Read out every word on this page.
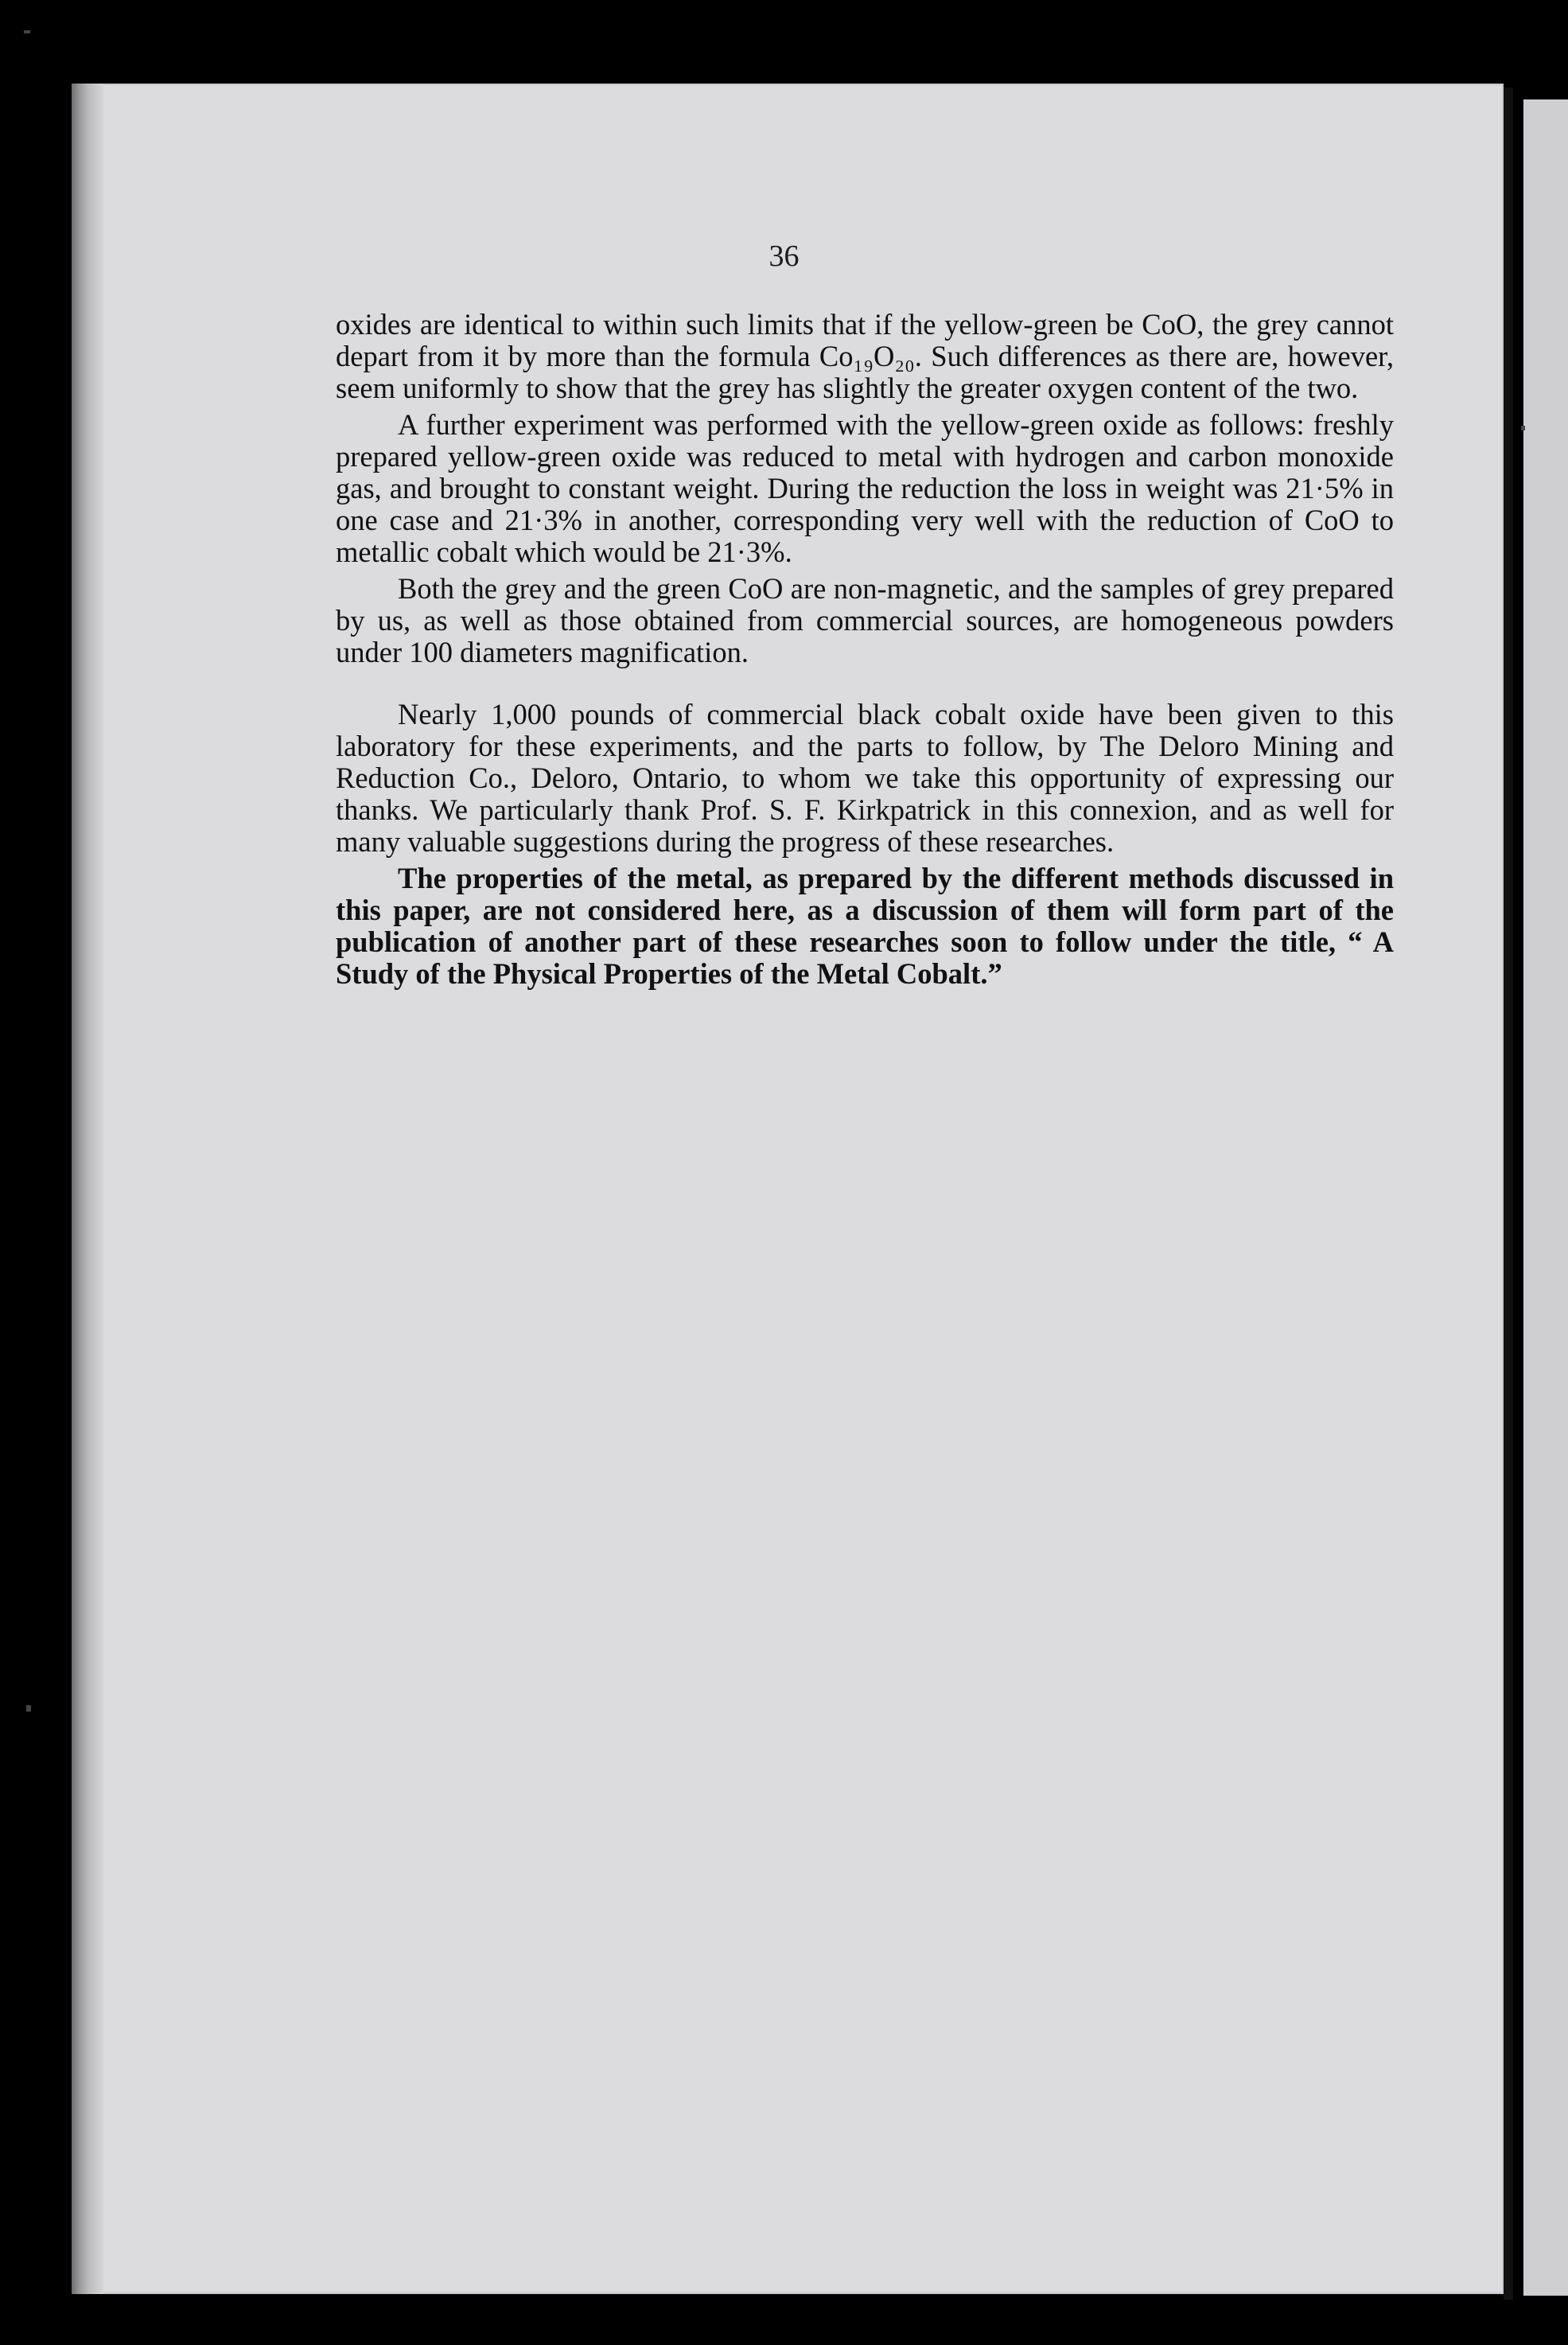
36

oxides are identical to within such limits that if the yellow-green be CoO, the grey cannot depart from it by more than the formula Co₁₉O₂₀. Such differences as there are, however, seem uniformly to show that the grey has slightly the greater oxygen content of the two.

A further experiment was performed with the yellow-green oxide as follows: freshly prepared yellow-green oxide was reduced to metal with hydrogen and carbon monoxide gas, and brought to constant weight. During the reduction the loss in weight was 21·5% in one case and 21·3% in another, corresponding very well with the reduction of CoO to metallic cobalt which would be 21·3%.

Both the grey and the green CoO are non-magnetic, and the samples of grey prepared by us, as well as those obtained from commercial sources, are homogeneous powders under 100 diameters magnification.

Nearly 1,000 pounds of commercial black cobalt oxide have been given to this laboratory for these experiments, and the parts to follow, by The Deloro Mining and Reduction Co., Deloro, Ontario, to whom we take this opportunity of expressing our thanks. We particularly thank Prof. S. F. Kirkpatrick in this connexion, and as well for many valuable suggestions during the progress of these researches.

The properties of the metal, as prepared by the different methods discussed in this paper, are not considered here, as a discussion of them will form part of the publication of another part of these researches soon to follow under the title, “ A Study of the Physical Properties of the Metal Cobalt.”
